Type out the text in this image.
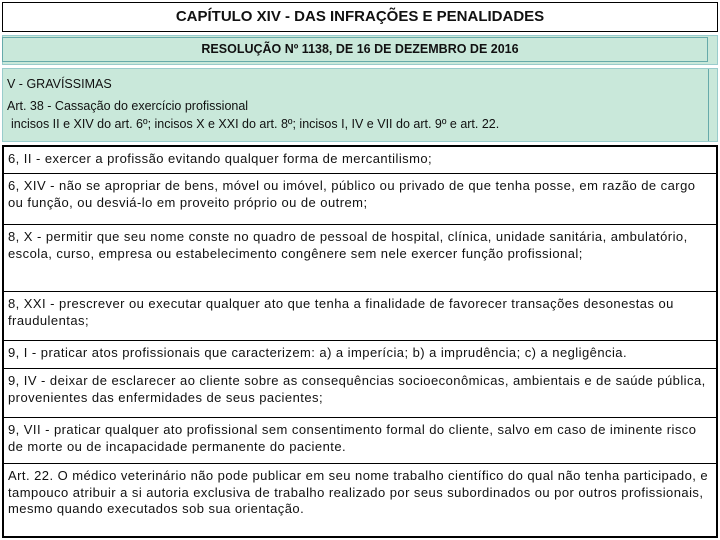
CAPÍTULO XIV - DAS INFRAÇÕES E PENALIDADES
RESOLUÇÃO Nº 1138, DE 16 DE DEZEMBRO DE 2016
V - GRAVÍSSIMAS
Art. 38 - Cassação do exercício profissional
incisos II e XIV do art. 6º; incisos X e XXI do art. 8º; incisos I, IV e VII do art. 9º e art. 22.
6, II - exercer a profissão evitando qualquer forma de mercantilismo;
6, XIV - não se apropriar de bens, móvel ou imóvel, público ou privado de que tenha posse, em razão de cargo ou função, ou desviá-lo em proveito próprio ou de outrem;
8, X - permitir que seu nome conste no quadro de pessoal de hospital, clínica, unidade sanitária, ambulatório, escola, curso, empresa ou estabelecimento congênere sem nele exercer função profissional;
8, XXI - prescrever ou executar qualquer ato que tenha a finalidade de favorecer transações desonestas ou fraudulentas;
9, I - praticar atos profissionais que caracterizem: a) a imperícia; b) a imprudência; c) a negligência.
9, IV - deixar de esclarecer ao cliente sobre as consequências socioeconômicas, ambientais e de saúde pública, provenientes das enfermidades de seus pacientes;
9, VII - praticar qualquer ato profissional sem consentimento formal do cliente, salvo em caso de iminente risco de morte ou de incapacidade permanente do paciente.
Art. 22. O médico veterinário não pode publicar em seu nome trabalho científico do qual não tenha participado, e tampouco atribuir a si autoria exclusiva de trabalho realizado por seus subordinados ou por outros profissionais, mesmo quando executados sob sua orientação.
